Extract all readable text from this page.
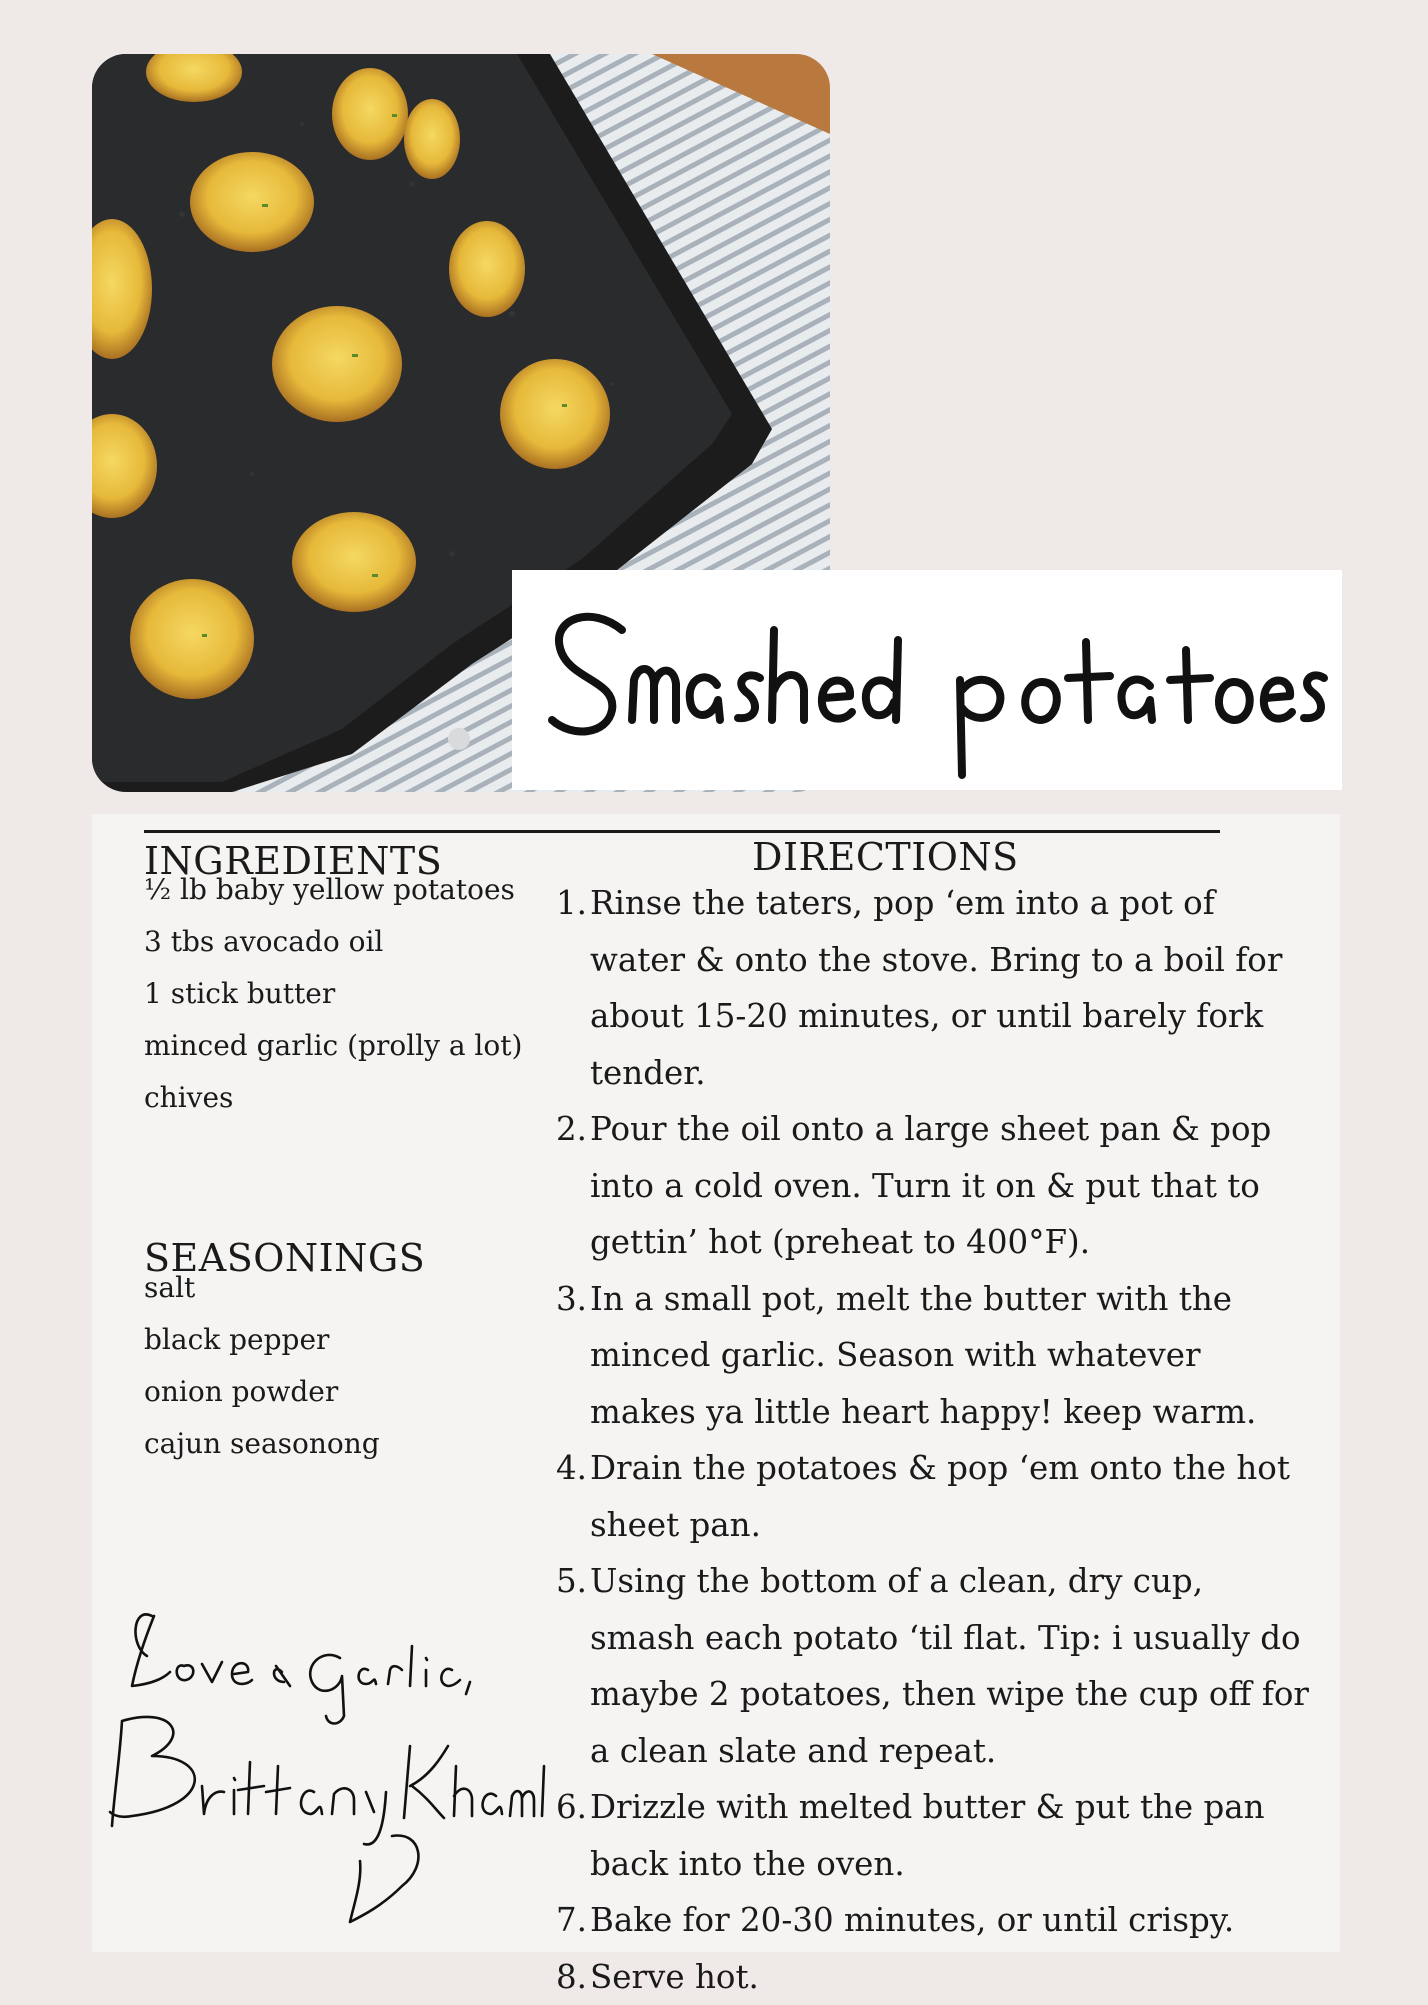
INGREDIENTS
½ lb baby yellow potatoes
3 tbs avocado oil
1 stick butter
minced garlic (prolly a lot)
chives
SEASONINGS
salt
black pepper
onion powder
cajun seasonong
DIRECTIONS
1. Rinse the taters, pop ‘em into a pot of water & onto the stove. Bring to a boil for about 15-20 minutes, or until barely fork tender.
2. Pour the oil onto a large sheet pan & pop into a cold oven. Turn it on & put that to gettin’ hot (preheat to 400°F).
3. In a small pot, melt the butter with the minced garlic. Season with whatever makes ya little heart happy! keep warm.
4. Drain the potatoes & pop ‘em onto the hot sheet pan.
5. Using the bottom of a clean, dry cup, smash each potato ‘til flat. Tip: i usually do maybe 2 potatoes, then wipe the cup off for a clean slate and repeat.
6. Drizzle with melted butter & put the pan back into the oven.
7. Bake for 20-30 minutes, or until crispy.
8. Serve hot.
